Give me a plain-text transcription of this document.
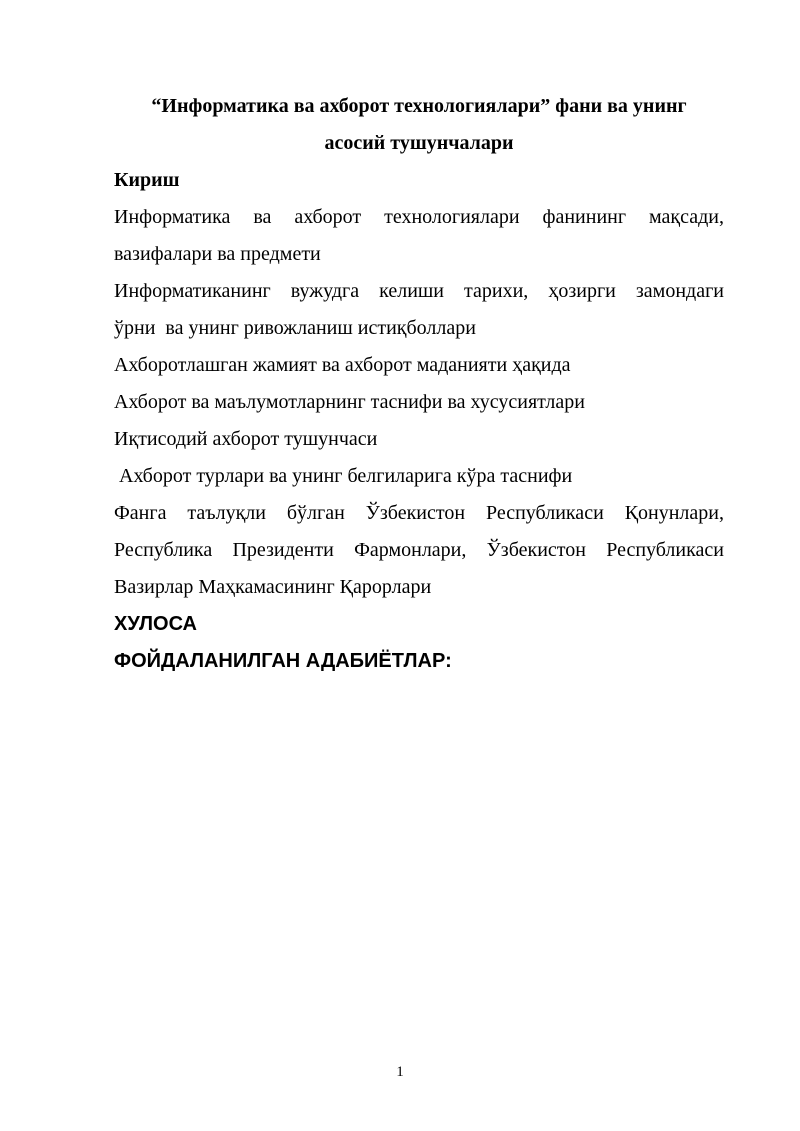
“Информатика ва ахборот технологиялари” фани ва унинг
асосий тушунчалари

Кириш

Информатика ва ахборот технологиялари фанининг мақсади,
вазифалари ва предмети

Информатиканинг вужудга келиши тарихи, ҳозирги замондаги
ўрни  ва унинг ривожланиш истиқболлари

Ахборотлашган жамият ва ахборот маданияти ҳақида

Ахборот ва маълумотларнинг таснифи ва хусусиятлари

Иқтисодий ахборот тушунчаси

Ахборот турлари ва унинг белгиларига кўра таснифи

Фанга таълуқли бўлган Ўзбекистон Республикаси Қонунлари,
Республика Президенти Фармонлари, Ўзбекистон Республикаси
Вазирлар Маҳкамасининг Қарорлари

ХУЛОСА

ФОЙДАЛАНИЛГАН АДАБИЁТЛАР:

1
